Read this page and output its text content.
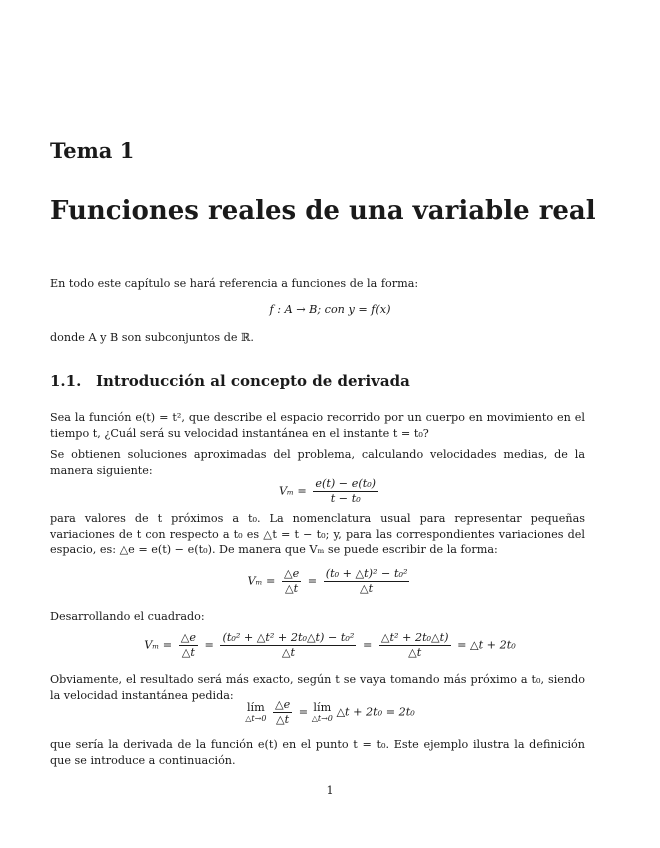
Tema 1
Funciones reales de una variable real

En todo este capítulo se hará referencia a funciones de la forma:

f : A → B; con y = f(x)

donde A y B son subconjuntos de ℝ.

1.1. Introducción al concepto de derivada

Sea la función e(t) = t², que describe el espacio recorrido por un cuerpo en movimiento en el tiempo t, ¿Cuál será su velocidad instantánea en el instante t = t₀?

Se obtienen soluciones aproximadas del problema, calculando velocidades medias, de la manera siguiente:

$V_m = \frac{\text{e(t) − e(t₀)}}{\text{t − t₀}}$

para valores de t próximos a t₀. La nomenclatura usual para representar pequeñas variaciones de t con respecto a t₀ es △t = t − t₀; y, para las correspondientes variaciones del espacio, es: △e = e(t) − e(t₀). De manera que Vₘ se puede escribir de la forma:

$V_m = \frac{\triangle e}{\triangle t} = \frac{\text{(t₀ + △t)² − t₀²}}{\triangle t}$

Desarrollando el cuadrado:

$V_m = \frac{\triangle e}{\triangle t} = \frac{\text{(t₀² + △t² + 2t₀△t) − t₀²}}{\triangle t} = \frac{\text{△t² + 2t₀△t)}}{\triangle t}$ = △t + 2t₀

Obviamente, el resultado será más exacto, según t se vaya tomando más próximo a t₀, siendo la velocidad instantánea pedida:

lím
△t→0
$\frac{\triangle e}{\triangle t}$ = lím
△t→0 △t + 2t₀ = 2t₀

que sería la derivada de la función e(t) en el punto t = t₀. Este ejemplo ilustra la definición que se introduce a continuación.

1
